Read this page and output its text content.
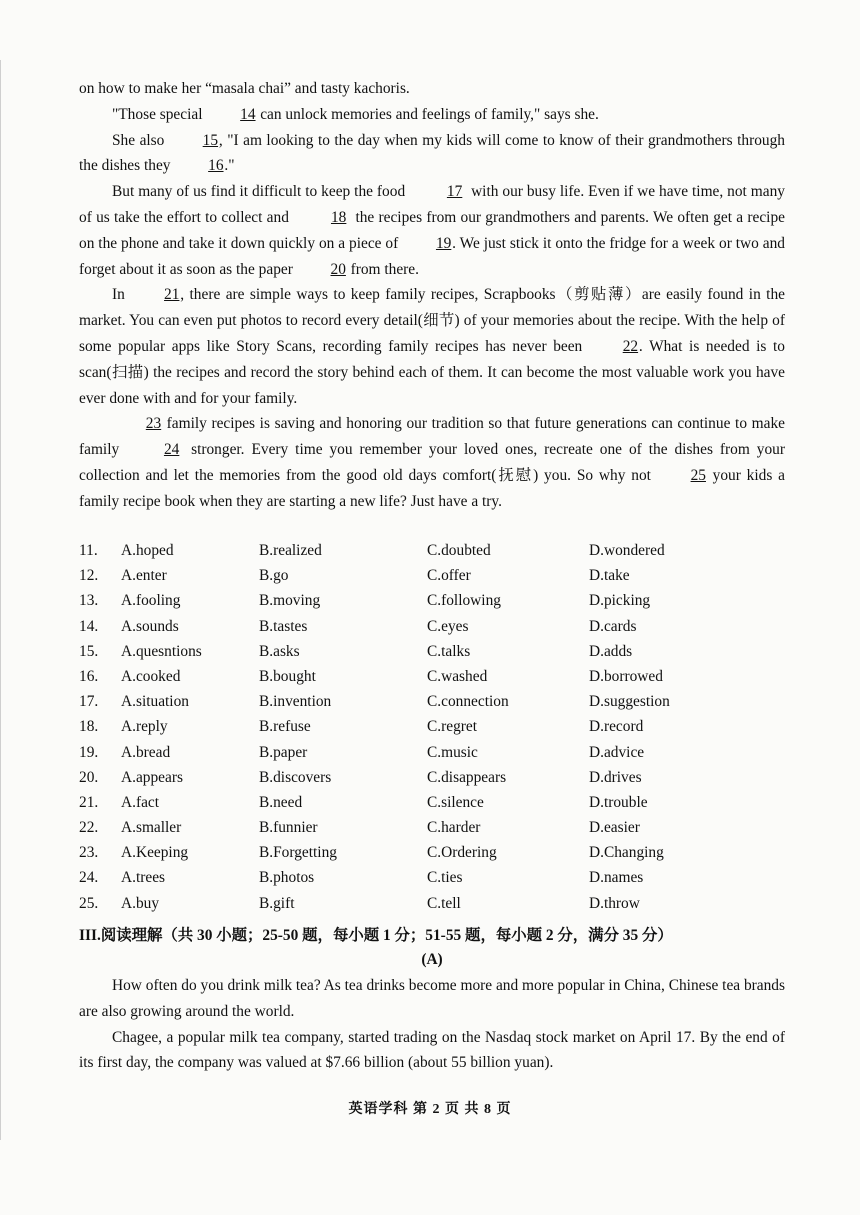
on how to make her “masala chai” and tasty kachoris.

"Those special 14 can unlock memories and feelings of family," says she.

She also 15, "I am looking to the day when my kids will come to know of their grandmothers through the dishes they 16."

But many of us find it difficult to keep the food	17 with our busy life. Even if we have time, not many of us take the effort to collect and	18 the recipes from our grandmothers and parents. We often get a recipe on the phone and take it down quickly on a piece of 19. We just stick it onto the fridge for a week or two and forget about it as soon as the paper 20 from there.

In	21, there are simple ways to keep family recipes, Scrapbooks（剪贴薄）are easily found in the market. You can even put photos to record every detail(细节) of your memories about the recipe. With the help of some popular apps like Story Scans, recording family recipes has never been	22. What is needed is to scan(扫描) the recipes and record the story behind each of them. It can become the most valuable work you have ever done with and for your family.

23 family recipes is saving and honoring our tradition so that future generations can continue to make family	24 stronger. Every time you remember your loved ones, recreate one of the dishes from your collection and let the memories from the good old days comfort(抚慰) you. So why not	25 your kids a family recipe book when they are starting a new life? Just have a try.

11.	A.hoped	B.realized	C.doubted	D.wondered
12.	A.enter	B.go	C.offer	D.take
13.	A.fooling	B.moving	C.following	D.picking
14.	A.sounds	B.tastes	C.eyes	D.cards
15.	A.quesntions	B.asks	C.talks	D.adds
16.	A.cooked	B.bought	C.washed	D.borrowed
17.	A.situation	B.invention	C.connection	D.suggestion
18.	A.reply	B.refuse	C.regret	D.record
19.	A.bread	B.paper	C.music	D.advice
20.	A.appears	B.discovers	C.disappears	D.drives
21.	A.fact	B.need	C.silence	D.trouble
22.	A.smaller	B.funnier	C.harder	D.easier
23.	A.Keeping	B.Forgetting	C.Ordering	D.Changing
24.	A.trees	B.photos	C.ties	D.names
25.	A.buy	B.gift	C.tell	D.throw
III.阅读理解（共 30 小题；25-50 题，每小题 1 分；51-55 题，每小题 2 分，满分 35 分）
(A)

How often do you drink milk tea? As tea drinks become more and more popular in China, Chinese tea brands are also growing around the world.

Chagee, a popular milk tea company, started trading on the Nasdaq stock market on April 17. By the end of its first day, the company was valued at $7.66 billion (about 55 billion yuan).

英语学科 第 2 页 共 8 页
